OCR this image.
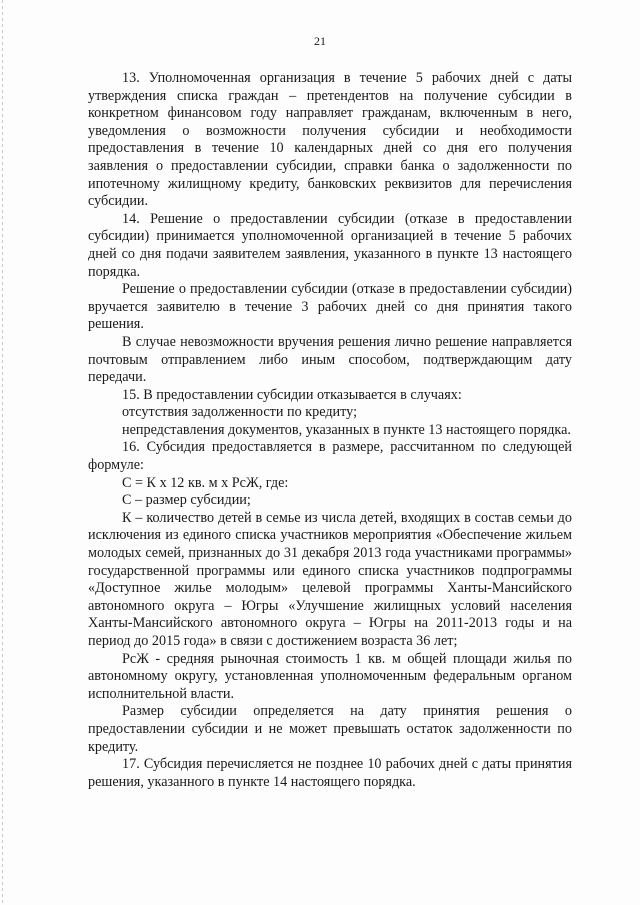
21

13. Уполномоченная организация в течение 5 рабочих дней с даты утверждения списка граждан – претендентов на получение субсидии в конкретном финансовом году направляет гражданам, включенным в него, уведомления о возможности получения субсидии и необходимости предоставления в течение 10 календарных дней со дня его получения заявления о предоставлении субсидии, справки банка о задолженности по ипотечному жилищному кредиту, банковских реквизитов для перечисления субсидии.

14. Решение о предоставлении субсидии (отказе в предоставлении субсидии) принимается уполномоченной организацией в течение 5 рабочих дней со дня подачи заявителем заявления, указанного в пункте 13 настоящего порядка.

Решение о предоставлении субсидии (отказе в предоставлении субсидии) вручается заявителю в течение 3 рабочих дней со дня принятия такого решения.

В случае невозможности вручения решения лично решение направляется почтовым отправлением либо иным способом, подтверждающим дату передачи.

15. В предоставлении субсидии отказывается в случаях:

отсутствия задолженности по кредиту;

непредставления документов, указанных в пункте 13 настоящего порядка.

16. Субсидия предоставляется в размере, рассчитанном по следующей формуле:

С = К х 12 кв. м х РсЖ, где:

С – размер субсидии;

К – количество детей в семье из числа детей, входящих в состав семьи до исключения из единого списка участников мероприятия «Обеспечение жильем молодых семей, признанных до 31 декабря 2013 года участниками программы» государственной программы или единого списка участников подпрограммы «Доступное жилье молодым» целевой программы Ханты-Мансийского автономного округа – Югры «Улучшение жилищных условий населения Ханты-Мансийского автономного округа – Югры на 2011-2013 годы и на период до 2015 года» в связи с достижением возраста 36 лет;

РсЖ - средняя рыночная стоимость 1 кв. м общей площади жилья по автономному округу, установленная уполномоченным федеральным органом исполнительной власти.

Размер субсидии определяется на дату принятия решения о предоставлении субсидии и не может превышать остаток задолженности по кредиту.

17. Субсидия перечисляется не позднее 10 рабочих дней с даты принятия решения, указанного в пункте 14 настоящего порядка.
